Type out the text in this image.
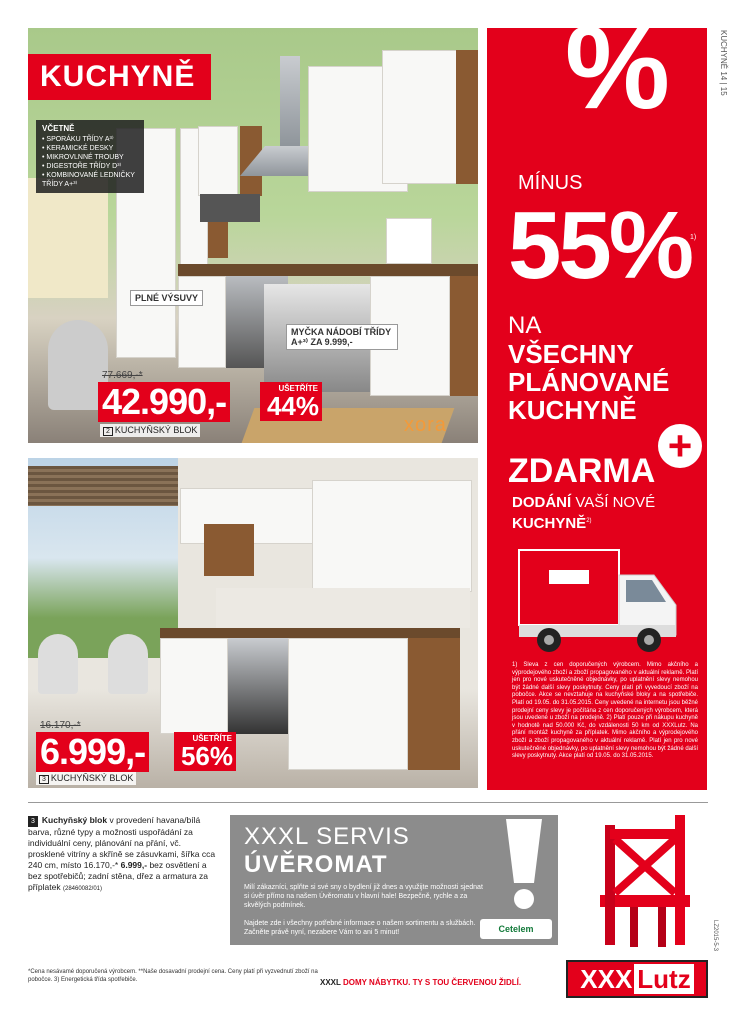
KUCHYNĚ
VČETNĚ
• SPORÁKU TŘÍDY A³⁾
• KERAMICKÉ DESKY
• MIKROVLNNÉ TROUBY
• DIGESTOŘE TŘÍDY D³⁾
• KOMBINOVANÉ LEDNIČKY TŘÍDY A+³⁾
PLNÉ VÝSUVY
MYČKA NÁDOBÍ TŘÍDY A+³⁾ ZA 9.999,-
77.669,-*
42.990,-	UŠETŘÍTE
44%
2 KUCHYŇSKÝ BLOK	xora
16.170,-*
6.999,-	UŠETŘÍTE
56%
3 KUCHYŇSKÝ BLOK
KUCHYNĚ 14 | 15
%
MÍNUS
55%
1)
NA
VŠECHNY
PLÁNOVANÉ
KUCHYNĚ
+
ZDARMA
DODÁNÍ VAŠÍ NOVÉ
KUCHYNĚ$^{2)}$
1) Sleva z cen doporučených výrobcem. Mimo akčního a výprodejového zboží a zboží propagovaného v aktuální reklamě. Platí jen pro nové uskutečněné objednávky, po uplatnění slevy nemohou být žádné další slevy poskytnuty. Ceny platí při vyvedoucí zboží na pobočce. Akce se nevztahuje na kuchyňské bloky a na spotřebiče. Platí od 19.05. do 31.05.2015. Ceny uvedené na internetu jsou běžné prodejní ceny slevy je počítána z cen doporučených výrobcem, která jsou uvedené u zboží na prodejně. 2) Platí pouze při nákupu kuchyně v hodnotě nad 50.000 Kč, do vzdálenosti 50 km od XXXLutz. Na přání montáž kuchyně za příplatek. Mimo akčního a výprodejového zboží a zboží propagovaného v aktuální reklamě. Platí jen pro nové uskutečněné objednávky, po uplatnění slevy nemohou být žádné další slevy poskytnuty. Akce platí od 19.05. do 31.05.2015.
3 Kuchyňský blok v provedení havana/bílá barva, různé typy a možnosti uspořádání za individuální ceny, plánování na přání, vč. prosklené vitríny a skříně se zásuvkami, šířka cca 240 cm, místo 16.170,-* 6.999,- bez osvětlení a bez spotřebičů; zadní stěna, dřez a armatura za příplatek (28460082/01)
XXXL SERVIS
ÚVĚROMAT
Milí zákazníci, splňte si své sny o bydlení již dnes a využijte možnosti sjednat si úvěr přímo na našem Úvěromatu v hlavní hale! Bezpečně, rychle a za skvělých podmínek.
Najdete zde i všechny potřebné informace o našem sortimentu a službách. Začněte právě nyní, nezabere Vám to ani 5 minut!	Cetelem
*Cena nesávamé doporučená výrobcem. **Naše dosavadní prodejní cena. Ceny platí při vyzvednutí zboží na pobočce. 3) Energetická třída spotřebiče.	XXXL DOMY NÁBYTKU. TY S TOU ČERVENOU ŽIDLÍ.	XXX Lutz
LZ2015-5-3
